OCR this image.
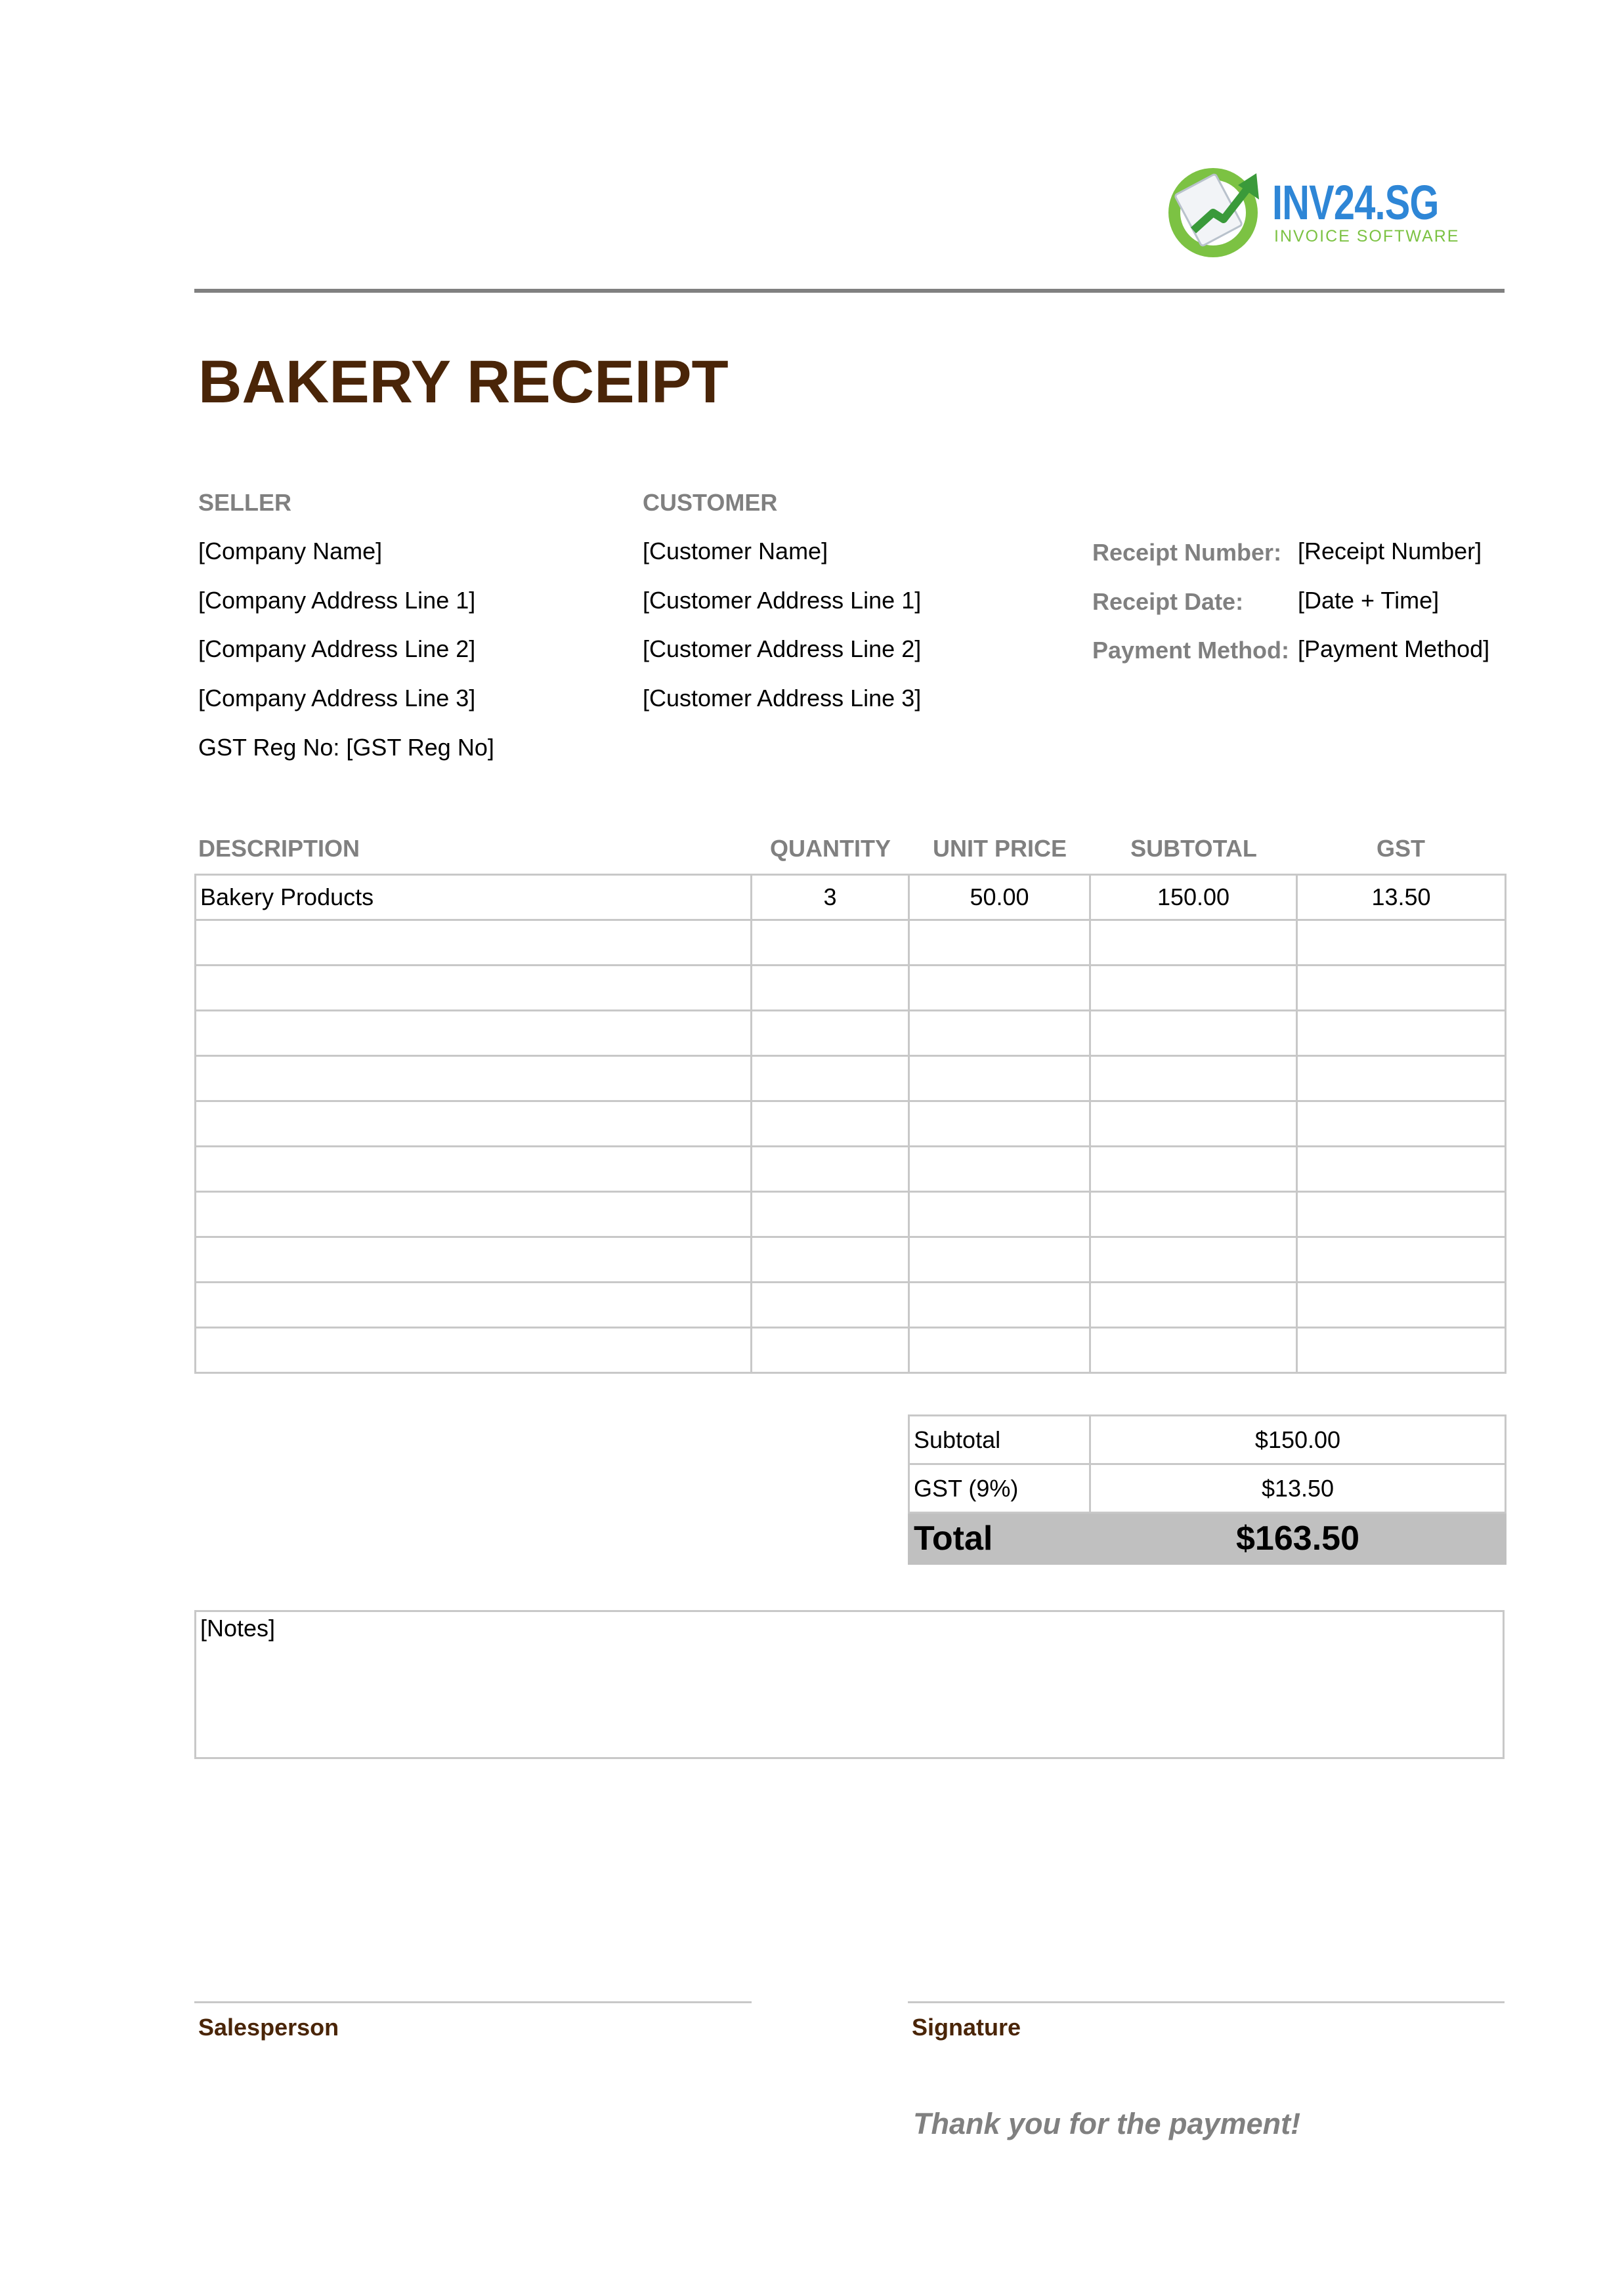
INV24.SG
INVOICE SOFTWARE
BAKERY RECEIPT
SELLER
[Company Name]
[Company Address Line 1]
[Company Address Line 2]
[Company Address Line 3]
GST Reg No: [GST Reg No]
CUSTOMER
[Customer Name]
[Customer Address Line 1]
[Customer Address Line 2]
[Customer Address Line 3]
Receipt Number: [Receipt Number]
Receipt Date: [Date + Time]
Payment Method: [Payment Method]
DESCRIPTION	QUANTITY	UNIT PRICE	SUBTOTAL	GST
Bakery Products	3	50.00	150.00	13.50

Subtotal	$150.00
GST (9%)	$13.50
Total	$163.50
[Notes]
Salesperson	Signature
Thank you for the payment!
